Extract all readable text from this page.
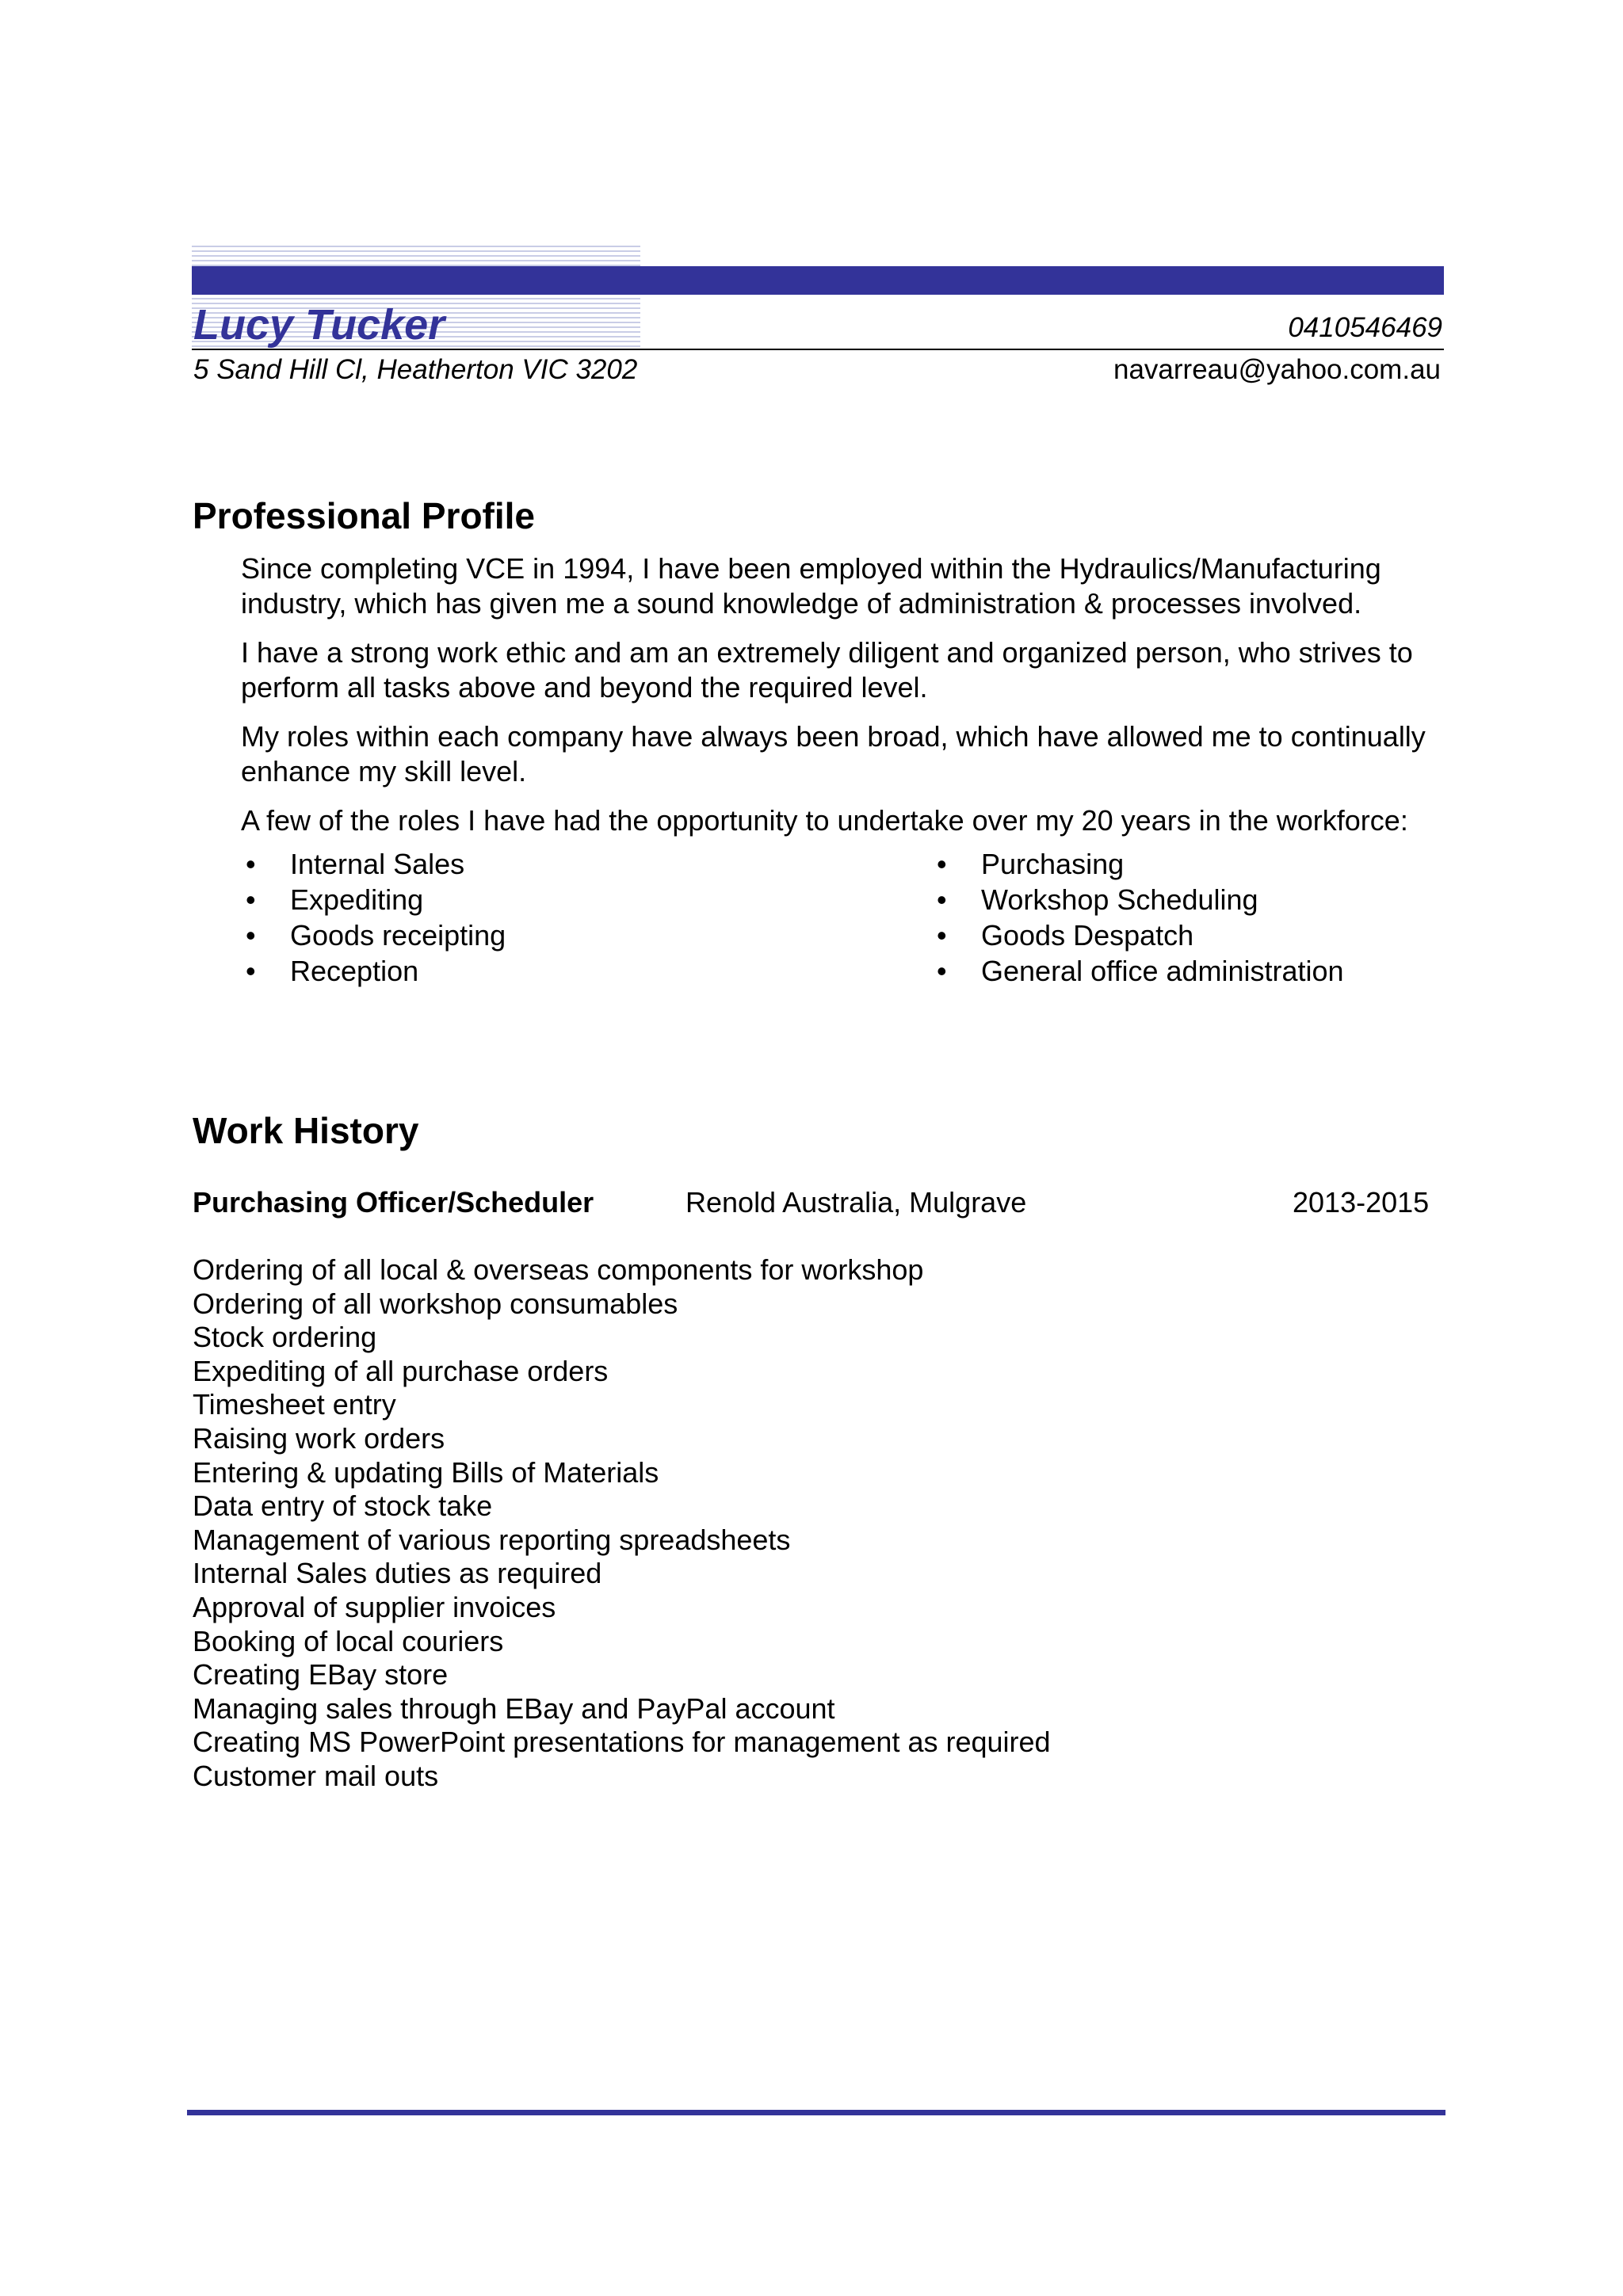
Lucy Tucker	0410546469
5 Sand Hill Cl, Heatherton VIC 3202	navarreau@yahoo.com.au
Professional Profile

Since completing VCE in 1994, I have been employed within the Hydraulics/Manufacturing industry, which has given me a sound knowledge of administration & processes involved.

I have a strong work ethic and am an extremely diligent and organized person, who strives to perform all tasks above and beyond the required level.

My roles within each company have always been broad, which have allowed me to continually enhance my skill level.

A few of the roles I have had the opportunity to undertake over my 20 years in the workforce:

• Internal Sales
• Expediting
• Goods receipting
• Reception
• Purchasing
• Workshop Scheduling
• Goods Despatch
• General office administration
Work History
Purchasing Officer/Scheduler	Renold Australia, Mulgrave	2013-2015
Ordering of all local & overseas components for workshop
Ordering of all workshop consumables
Stock ordering
Expediting of all purchase orders
Timesheet entry
Raising work orders
Entering & updating Bills of Materials
Data entry of stock take
Management of various reporting spreadsheets
Internal Sales duties as required
Approval of supplier invoices
Booking of local couriers
Creating EBay store
Managing sales through EBay and PayPal account
Creating MS PowerPoint presentations for management as required
Customer mail outs
